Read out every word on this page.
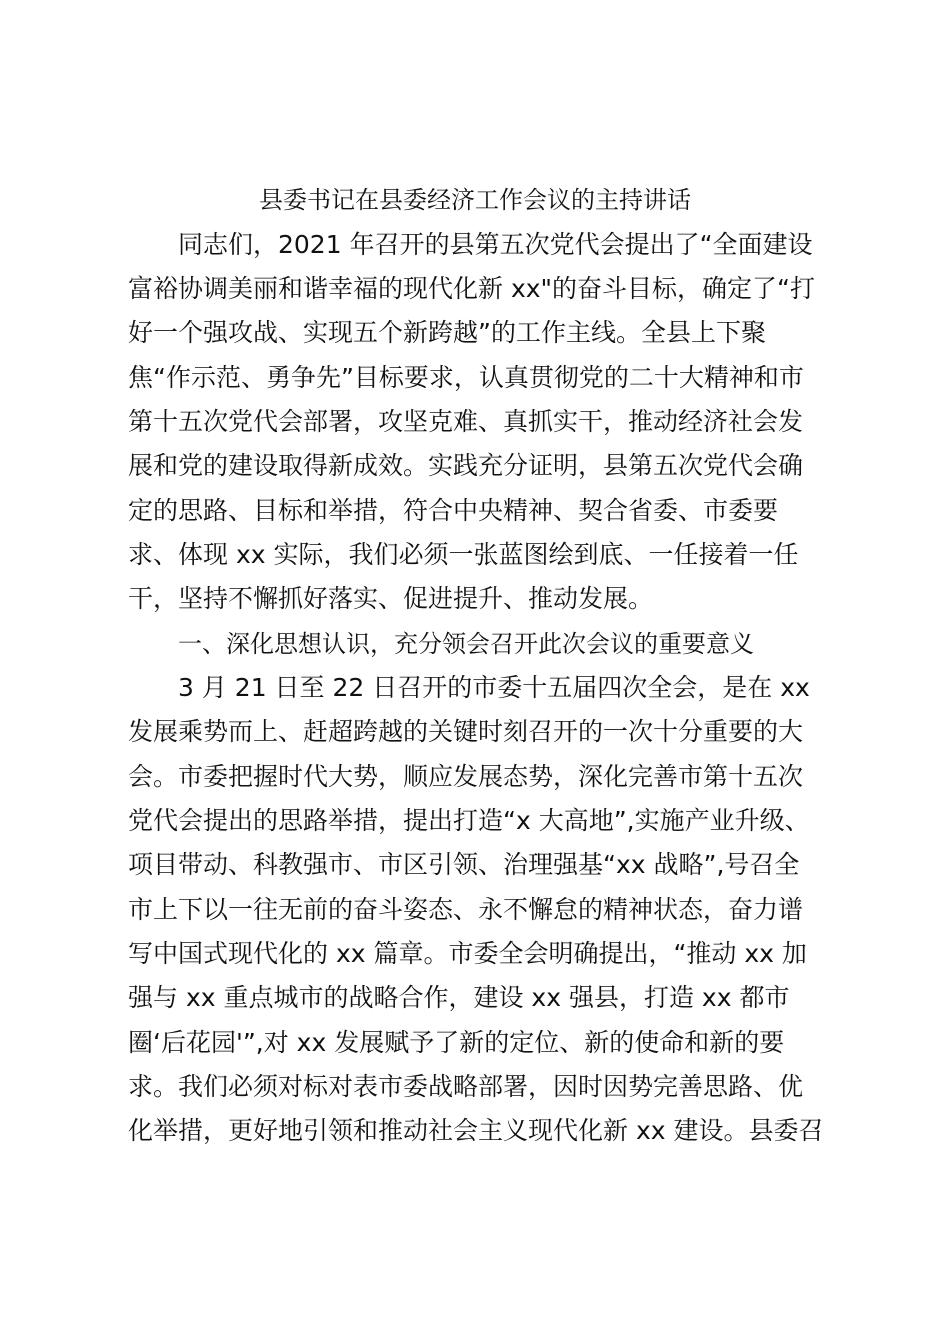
县委书记在县委经济工作会议的主持讲话
同志们，2021 年召开的县第五次党代会提出了“全面建设
富裕协调美丽和谐幸福的现代化新 xx"的奋斗目标，确定了“打
好一个强攻战、实现五个新跨越”的工作主线。全县上下聚
焦“作示范、勇争先”目标要求，认真贯彻党的二十大精神和市
第十五次党代会部署，攻坚克难、真抓实干，推动经济社会发
展和党的建设取得新成效。实践充分证明，县第五次党代会确
定的思路、目标和举措，符合中央精神、契合省委、市委要
求、体现 xx 实际，我们必须一张蓝图绘到底、一任接着一任
干，坚持不懈抓好落实、促进提升、推动发展。
一、深化思想认识，充分领会召开此次会议的重要意义
3 月 21 日至 22 日召开的市委十五届四次全会，是在 xx
发展乘势而上、赶超跨越的关键时刻召开的一次十分重要的大
会。市委把握时代大势，顺应发展态势，深化完善市第十五次
党代会提出的思路举措，提出打造“x 大高地”,实施产业升级、
项目带动、科教强市、市区引领、治理强基“xx 战略”,号召全
市上下以一往无前的奋斗姿态、永不懈怠的精神状态，奋力谱
写中国式现代化的 xx 篇章。市委全会明确提出，“推动 xx 加
强与 xx 重点城市的战略合作，建设 xx 强县，打造 xx 都市
圈‘后花园'”,对 xx 发展赋予了新的定位、新的使命和新的要
求。我们必须对标对表市委战略部署，因时因势完善思路、优
化举措，更好地引领和推动社会主义现代化新 xx 建设。县委召
